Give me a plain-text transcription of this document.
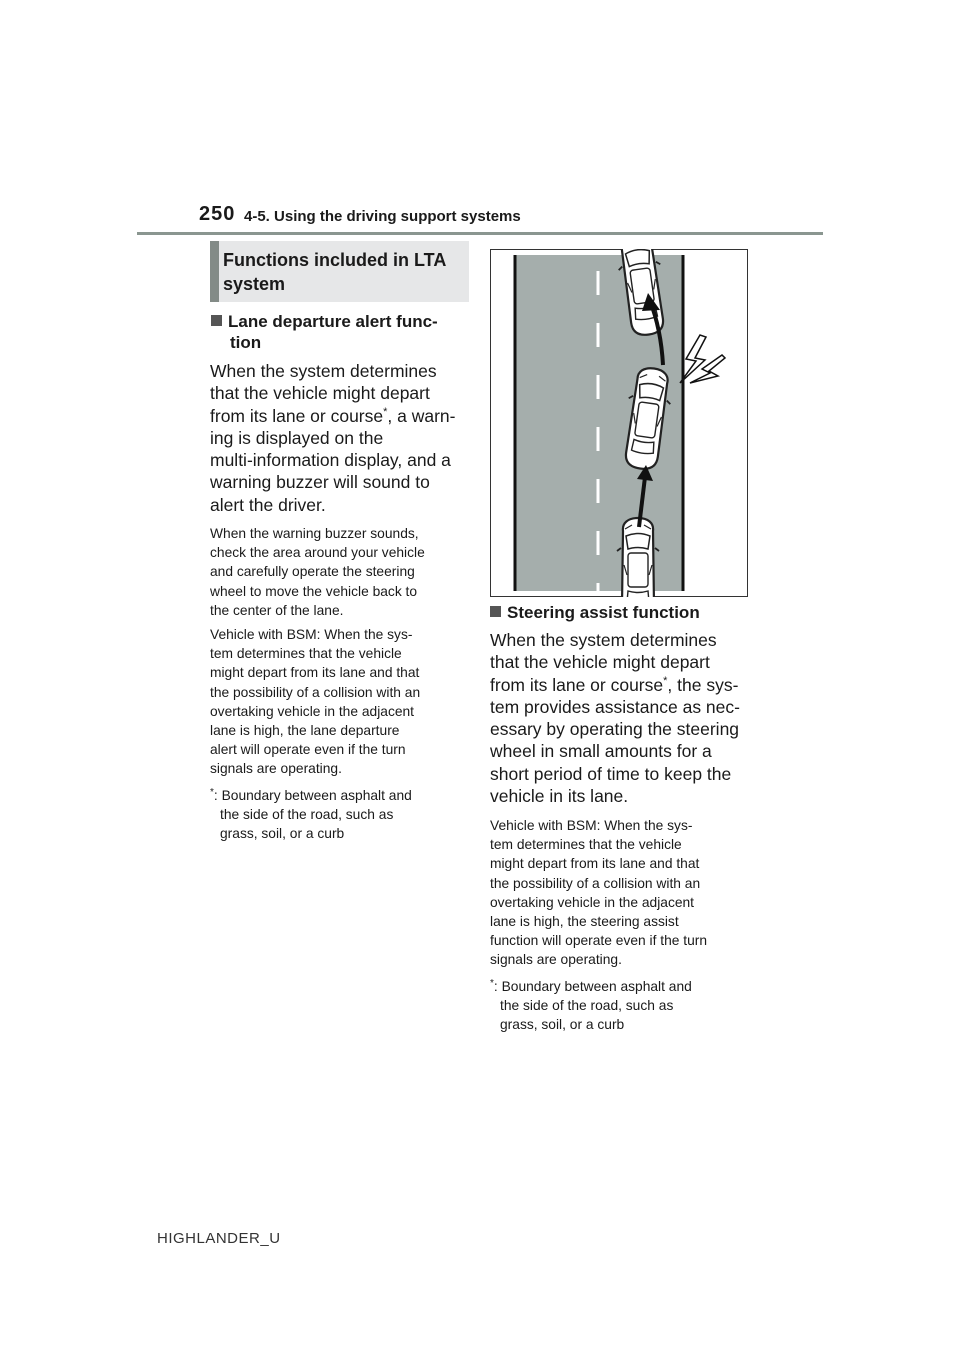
250 4-5. Using the driving support systems
Functions included in LTA
system
Lane departure alert func-
tion
When the system determines
that the vehicle might depart
from its lane or course*, a warn-
ing is displayed on the
multi-information display, and a
warning buzzer will sound to
alert the driver.
When the warning buzzer sounds,
check the area around your vehicle
and carefully operate the steering
wheel to move the vehicle back to
the center of the lane.
Vehicle with BSM: When the sys-
tem determines that the vehicle
might depart from its lane and that
the possibility of a collision with an
overtaking vehicle in the adjacent
lane is high, the lane departure
alert will operate even if the turn
signals are operating.
*: Boundary between asphalt and
the side of the road, such as
grass, soil, or a curb
Steering assist function
When the system determines
that the vehicle might depart
from its lane or course*, the sys-
tem provides assistance as nec-
essary by operating the steering
wheel in small amounts for a
short period of time to keep the
vehicle in its lane.
Vehicle with BSM: When the sys-
tem determines that the vehicle
might depart from its lane and that
the possibility of a collision with an
overtaking vehicle in the adjacent
lane is high, the steering assist
function will operate even if the turn
signals are operating.
*: Boundary between asphalt and
the side of the road, such as
grass, soil, or a curb
HIGHLANDER_U
